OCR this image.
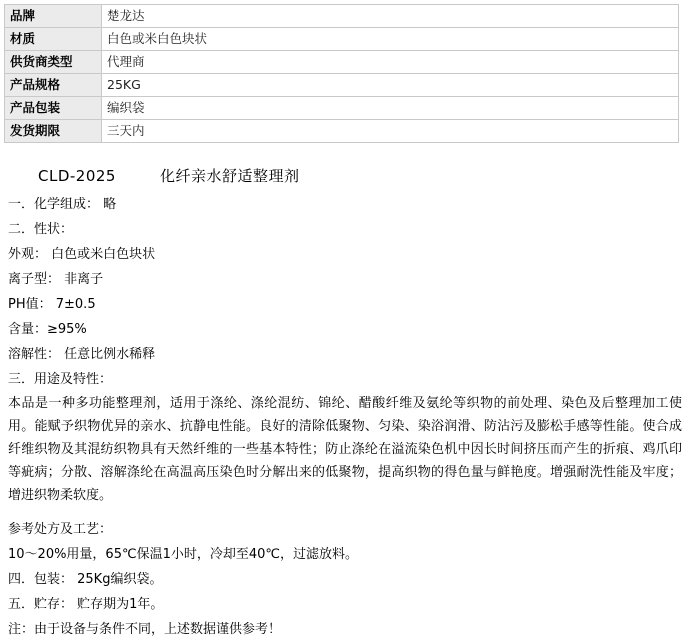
品牌	楚龙达
材质	白色或米白色块状
供货商类型	代理商
产品规格	25KG
产品包装	编织袋
发货期限	三天内
CLD-2025	化纤亲水舒适整理剂

一．化学组成： 略

二．性状：

外观： 白色或米白色块状

离子型： 非离子

PH值： 7±0.5

含量：≥95%

溶解性： 任意比例水稀释

三．用途及特性：

本品是一种多功能整理剂，适用于涤纶、涤纶混纺、锦纶、醋酸纤维及氨纶等织物的前处理、染色及后整理加工使用。能赋予织物优异的亲水、抗静电性能。良好的清除低聚物、匀染、染浴润滑、防沾污及膨松手感等性能。使合成纤维织物及其混纺织物具有天然纤维的一些基本特性；防止涤纶在溢流染色机中因长时间挤压而产生的折痕、鸡爪印等疵病；分散、溶解涤纶在高温高压染色时分解出来的低聚物，提高织物的得色量与鲜艳度。增强耐洗性能及牢度；增进织物柔软度。

参考处方及工艺：

10～20%用量，65℃保温1小时，冷却至40℃，过滤放料。

四．包装： 25Kg编织袋。

五．贮存： 贮存期为1年。

注：由于设备与条件不同，上述数据谨供参考！
